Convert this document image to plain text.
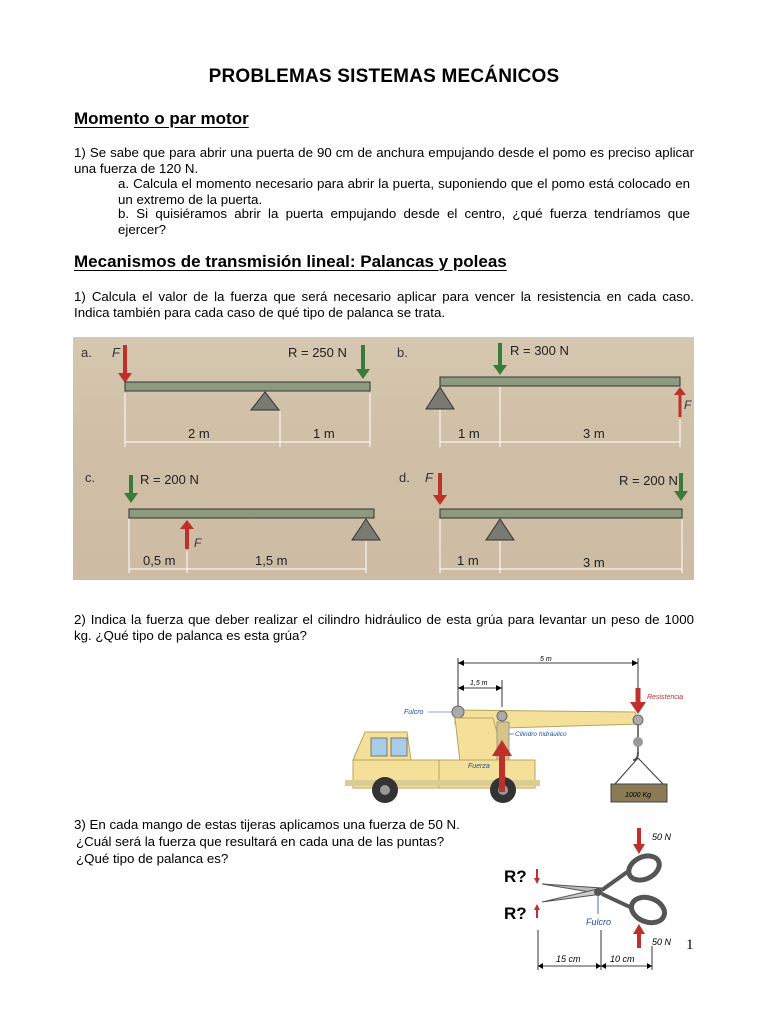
PROBLEMAS SISTEMAS MECÁNICOS
Momento o par motor
1) Se sabe que para abrir una puerta de 90 cm de anchura empujando desde el pomo es preciso aplicar una fuerza de 120 N.
a. Calcula el momento necesario para abrir la puerta, suponiendo que el pomo está colocado en un extremo de la puerta.
b. Si quisiéramos abrir la puerta empujando desde el centro, ¿qué fuerza tendríamos que ejercer?
Mecanismos de transmisión lineal: Palancas y poleas
1) Calcula el valor de la fuerza que será necesario aplicar para vencer la resistencia en cada caso. Indica también para cada caso de qué tipo de palanca se trata.
a. F	R = 250 N
2 m	1 m
b.	R = 300 N
F
1 m	3 m
c.	R = 200 N
F
0,5 m	1,5 m
d. F	R = 200 N
1 m	3 m
2) Indica la fuerza que deber realizar el cilindro hidráulico de esta grúa para levantar un peso de 1000 kg. ¿Qué tipo de palanca es esta grúa?
5 m
1,5 m
Fuerza
Fulcro
Cilindro hidráulico
Resistencia
1000 Kg
3) En cada mango de estas tijeras aplicamos una fuerza de 50 N.
¿Cuál será la fuerza que resultará en cada una de las puntas?
¿Qué tipo de palanca es?
50 N
50 N
R?
R?	Fulcro
15 cm	10 cm
1
